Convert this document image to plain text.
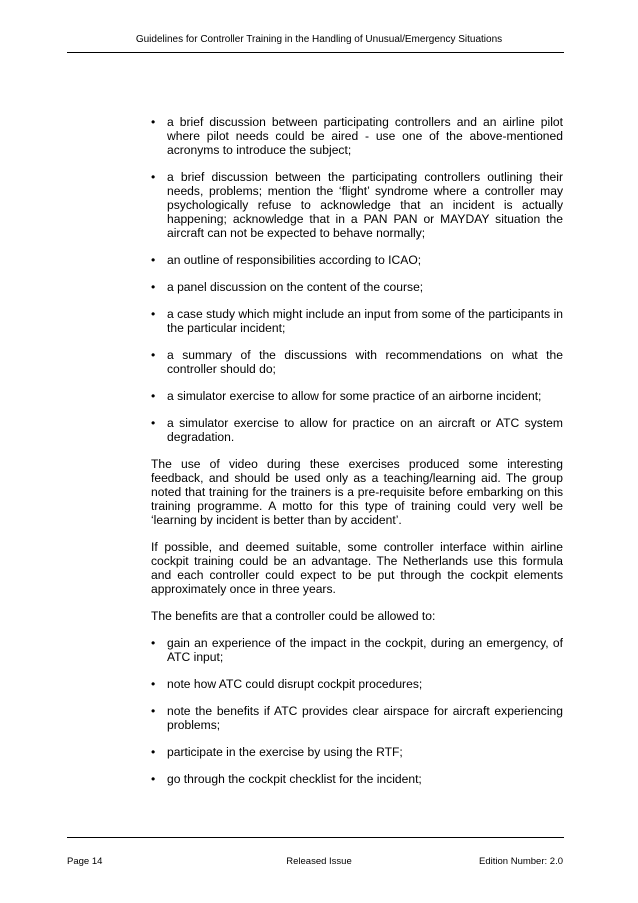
Guidelines for Controller Training in the Handling of Unusual/Emergency Situations
• a brief discussion between participating controllers and an airline pilot where pilot needs could be aired - use one of the above-mentioned acronyms to introduce the subject;
• a brief discussion between the participating controllers outlining their needs, problems; mention the ‘flight’ syndrome where a controller may psychologically refuse to acknowledge that an incident is actually happening; acknowledge that in a PAN PAN or MAYDAY situation the aircraft can not be expected to behave normally;
• an outline of responsibilities according to ICAO;
• a panel discussion on the content of the course;
• a case study which might include an input from some of the participants in the particular incident;
• a summary of the discussions with recommendations on what the controller should do;
• a simulator exercise to allow for some practice of an airborne incident;
• a simulator exercise to allow for practice on an aircraft or ATC system degradation.

The use of video during these exercises produced some interesting feedback, and should be used only as a teaching/learning aid. The group noted that training for the trainers is a pre-requisite before embarking on this training programme. A motto for this type of training could very well be ‘learning by incident is better than by accident’.

If possible, and deemed suitable, some controller interface within airline cockpit training could be an advantage. The Netherlands use this formula and each controller could expect to be put through the cockpit elements approximately once in three years.

The benefits are that a controller could be allowed to:

• gain an experience of the impact in the cockpit, during an emergency, of ATC input;
• note how ATC could disrupt cockpit procedures;
• note the benefits if ATC provides clear airspace for aircraft experiencing problems;
• participate in the exercise by using the RTF;
• go through the cockpit checklist for the incident;
Page 14	Released Issue	Edition Number: 2.0
